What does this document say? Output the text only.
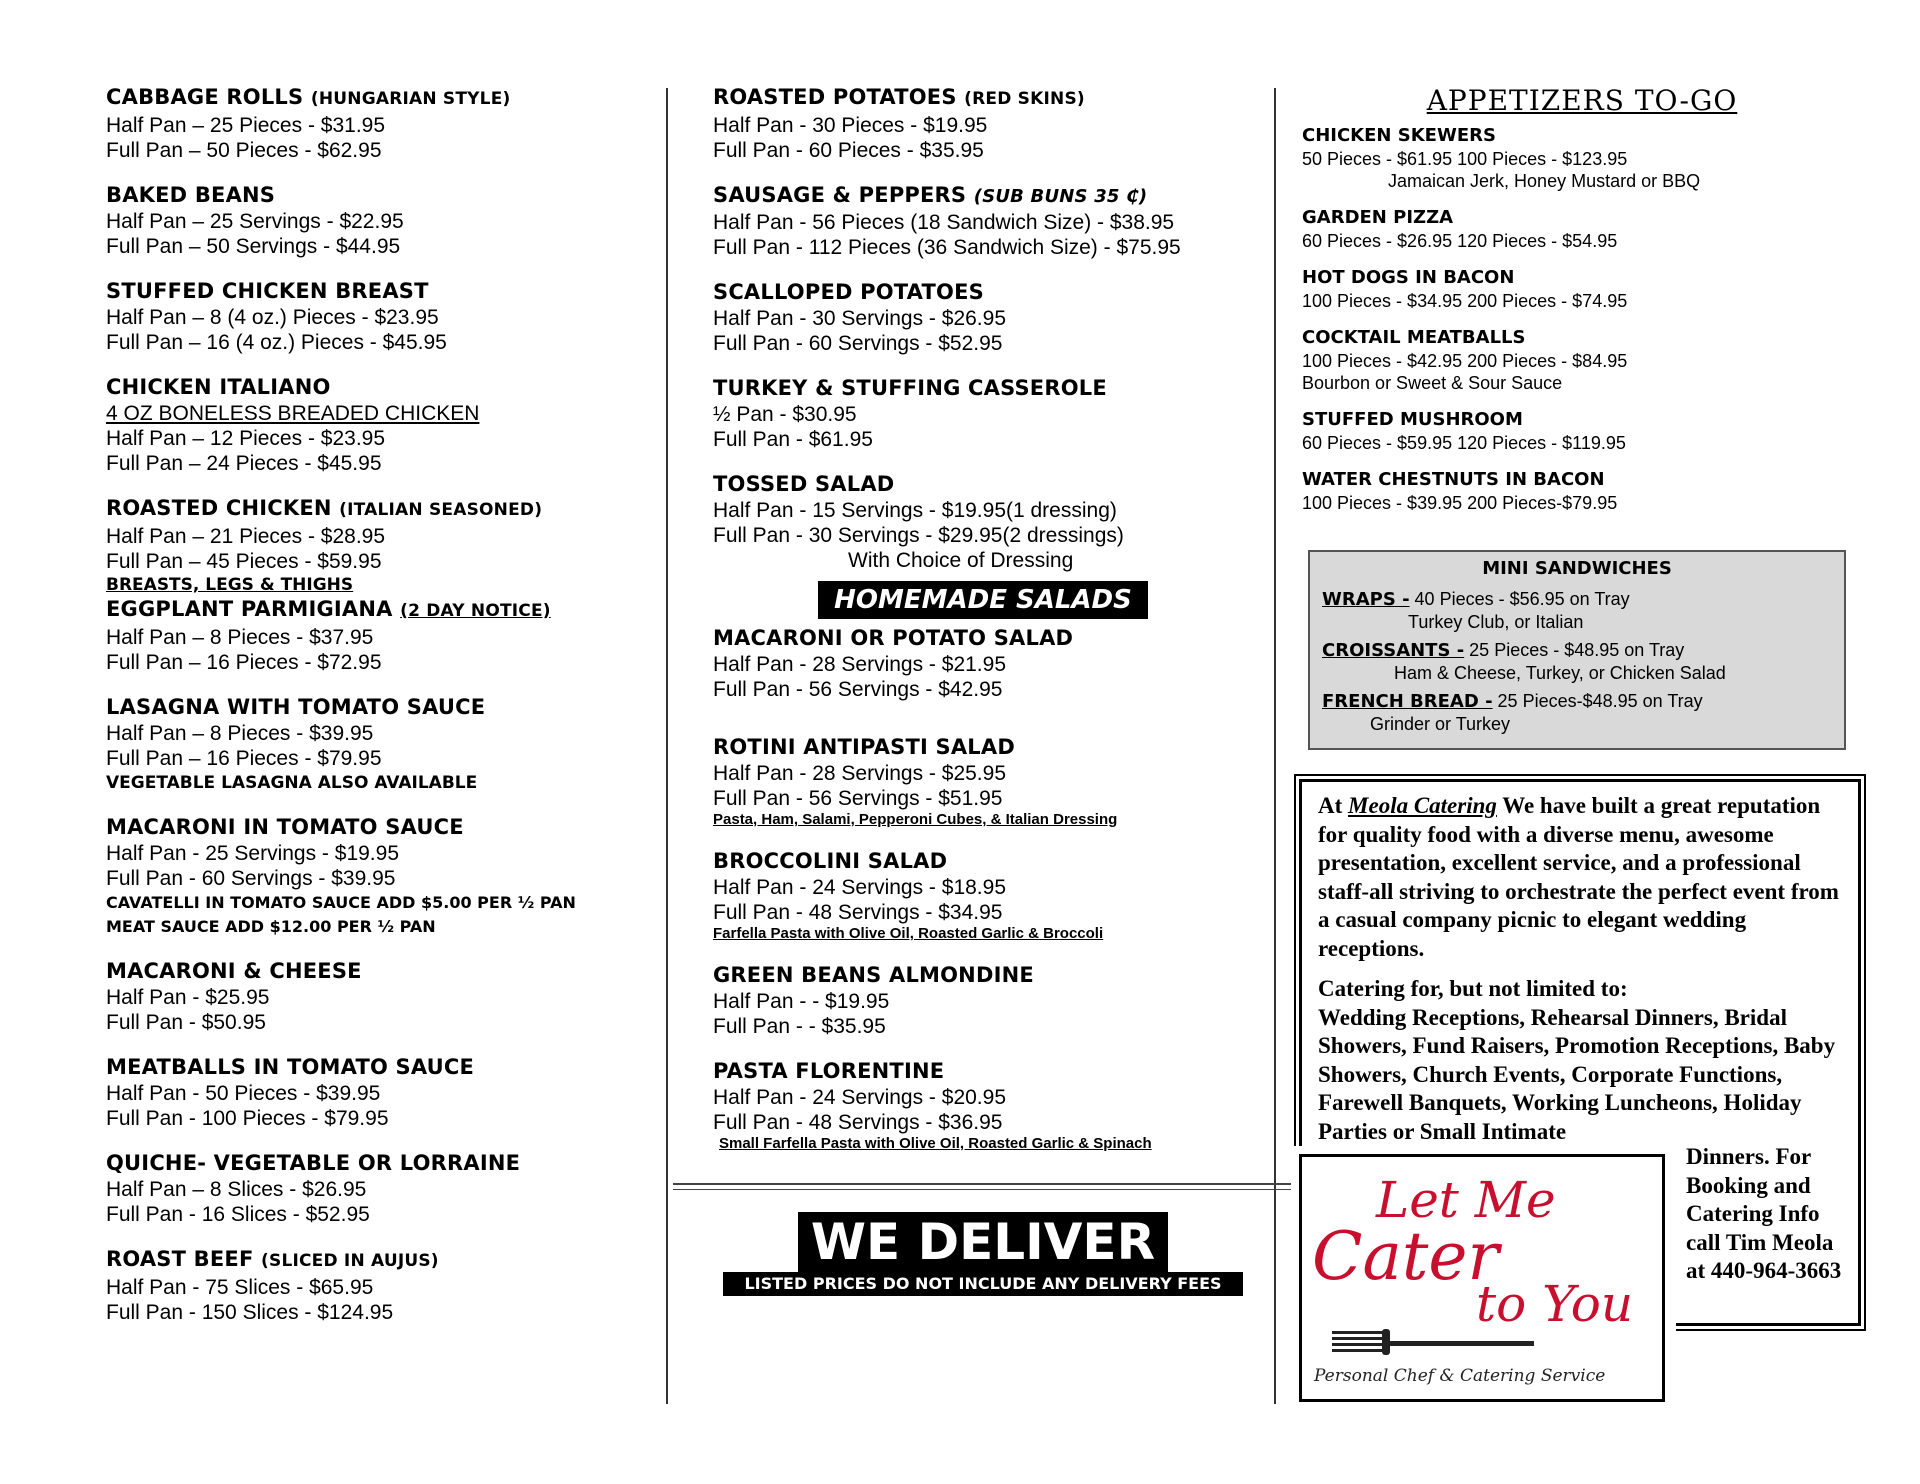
CABBAGE ROLLS (HUNGARIAN STYLE)
Half Pan – 25 Pieces - $31.95
Full Pan – 50 Pieces - $62.95
BAKED BEANS
Half Pan – 25 Servings - $22.95
Full Pan – 50 Servings - $44.95
STUFFED CHICKEN BREAST
Half Pan – 8 (4 oz.) Pieces - $23.95
Full Pan – 16 (4 oz.) Pieces - $45.95
CHICKEN ITALIANO
4 OZ BONELESS BREADED CHICKEN
Half Pan – 12 Pieces - $23.95
Full Pan – 24 Pieces - $45.95
ROASTED CHICKEN (ITALIAN SEASONED)
Half Pan – 21 Pieces - $28.95
Full Pan – 45 Pieces - $59.95
BREASTS, LEGS & THIGHS
EGGPLANT PARMIGIANA (2 DAY NOTICE)
Half Pan – 8 Pieces - $37.95
Full Pan – 16 Pieces - $72.95
LASAGNA WITH TOMATO SAUCE
Half Pan – 8 Pieces - $39.95
Full Pan – 16 Pieces - $79.95
VEGETABLE LASAGNA ALSO AVAILABLE
MACARONI IN TOMATO SAUCE
Half Pan - 25 Servings - $19.95
Full Pan - 60 Servings - $39.95
CAVATELLI IN TOMATO SAUCE ADD $5.00 PER ½ PAN
MEAT SAUCE ADD $12.00 PER ½ PAN
MACARONI & CHEESE
Half Pan - $25.95
Full Pan - $50.95
MEATBALLS IN TOMATO SAUCE
Half Pan - 50 Pieces - $39.95
Full Pan - 100 Pieces - $79.95
QUICHE- VEGETABLE OR LORRAINE
Half Pan – 8 Slices - $26.95
Full Pan - 16 Slices - $52.95
ROAST BEEF (SLICED IN AUJUS)
Half Pan - 75 Slices - $65.95
Full Pan - 150 Slices - $124.95
ROASTED POTATOES (RED SKINS)
Half Pan - 30 Pieces - $19.95
Full Pan - 60 Pieces - $35.95
SAUSAGE & PEPPERS (SUB BUNS 35 ₵)
Half Pan - 56 Pieces (18 Sandwich Size) - $38.95
Full Pan - 112 Pieces (36 Sandwich Size) - $75.95
SCALLOPED POTATOES
Half Pan - 30 Servings - $26.95
Full Pan - 60 Servings - $52.95
TURKEY & STUFFING CASSEROLE
½ Pan - $30.95
Full Pan - $61.95
TOSSED SALAD
Half Pan - 15 Servings - $19.95(1 dressing)
Full Pan - 30 Servings - $29.95(2 dressings)
With Choice of Dressing
HOMEMADE SALADS
MACARONI OR POTATO SALAD
Half Pan - 28 Servings - $21.95
Full Pan - 56 Servings - $42.95
ROTINI ANTIPASTI SALAD
Half Pan - 28 Servings - $25.95
Full Pan - 56 Servings - $51.95
Pasta, Ham, Salami, Pepperoni Cubes, & Italian Dressing
BROCCOLINI SALAD
Half Pan - 24 Servings - $18.95
Full Pan - 48 Servings - $34.95
Farfella Pasta with Olive Oil, Roasted Garlic & Broccoli
GREEN BEANS ALMONDINE
Half Pan - - $19.95
Full Pan - - $35.95
PASTA FLORENTINE
Half Pan - 24 Servings - $20.95
Full Pan - 48 Servings - $36.95
Small Farfella Pasta with Olive Oil, Roasted Garlic & Spinach
WE DELIVER
LISTED PRICES DO NOT INCLUDE ANY DELIVERY FEES
APPETIZERS TO-GO
CHICKEN SKEWERS
50 Pieces - $61.95 100 Pieces - $123.95
Jamaican Jerk, Honey Mustard or BBQ
GARDEN PIZZA
60 Pieces - $26.95 120 Pieces - $54.95
HOT DOGS IN BACON
100 Pieces - $34.95 200 Pieces - $74.95
COCKTAIL MEATBALLS
100 Pieces - $42.95 200 Pieces - $84.95
Bourbon or Sweet & Sour Sauce
STUFFED MUSHROOM
60 Pieces - $59.95 120 Pieces - $119.95
WATER CHESTNUTS IN BACON
100 Pieces - $39.95 200 Pieces-$79.95
MINI SANDWICHES
WRAPS - 40 Pieces - $56.95 on Tray
Turkey Club, or Italian
CROISSANTS - 25 Pieces - $48.95 on Tray
Ham & Cheese, Turkey, or Chicken Salad
FRENCH BREAD - 25 Pieces-$48.95 on Tray
Grinder or Turkey

At Meola Catering We have built a great reputation for quality food with a diverse menu, awesome presentation, excellent service, and a professional staff-all striving to orchestrate the perfect event from a casual company picnic to elegant wedding receptions.

Catering for, but not limited to:
Wedding Receptions, Rehearsal Dinners, Bridal Showers, Fund Raisers, Promotion Receptions, Baby Showers, Church Events, Corporate Functions, Farewell Banquets, Working Luncheons, Holiday Parties or Small Intimate

Let Me
Cater
to You
Personal Chef & Catering Service
Dinners. For Booking and Catering Info call Tim Meola at 440-964-3663
